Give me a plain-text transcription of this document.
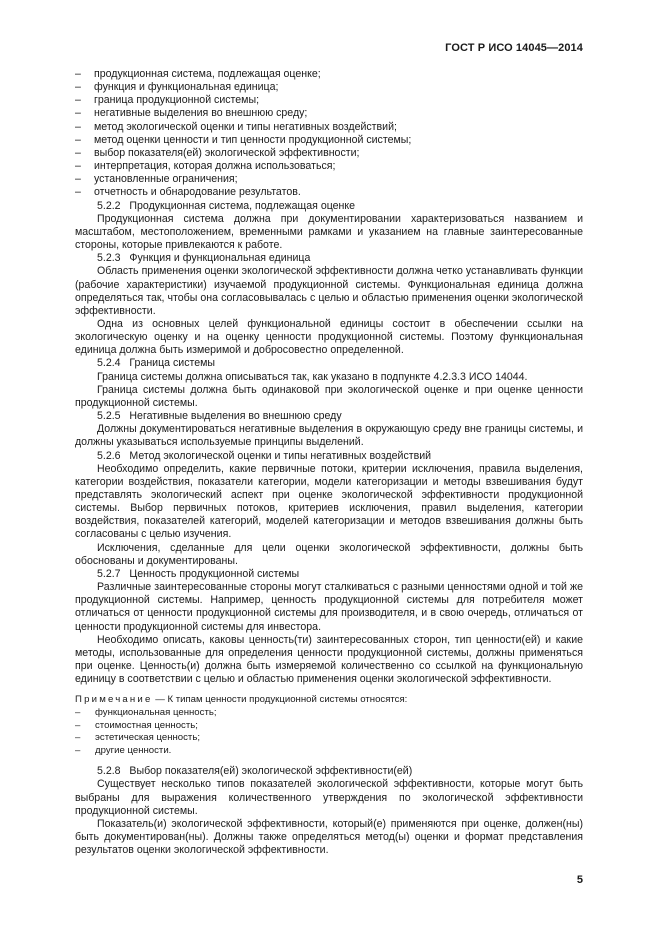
ГОСТ Р ИСО 14045—2014
– продукционная система, подлежащая оценке;
– функция и функциональная единица;
– граница продукционной системы;
– негативные выделения во внешнюю среду;
– метод экологической оценки и типы негативных воздействий;
– метод оценки ценности и тип ценности продукционной системы;
– выбор показателя(ей) экологической эффективности;
– интерпретация, которая должна использоваться;
– установленные ограничения;
– отчетность и обнародование результатов.
5.2.2 Продукционная система, подлежащая оценке

Продукционная система должна при документировании характеризоваться названием и масштабом, местоположением, временными рамками и указанием на главные заинтересованные стороны, которые привлекаются к работе.

5.2.3 Функция и функциональная единица

Область применения оценки экологической эффективности должна четко устанавливать функции (рабочие характеристики) изучаемой продукционной системы. Функциональная единица должна определяться так, чтобы она согласовывалась с целью и областью применения оценки экологической эффективности.

Одна из основных целей функциональной единицы состоит в обеспечении ссылки на экологическую оценку и на оценку ценности продукционной системы. Поэтому функциональная единица должна быть измеримой и добросовестно определенной.

5.2.4 Граница системы

Граница системы должна описываться так, как указано в подпункте 4.2.3.3 ИСО 14044.

Граница системы должна быть одинаковой при экологической оценке и при оценке ценности продукционной системы.

5.2.5 Негативные выделения во внешнюю среду

Должны документироваться негативные выделения в окружающую среду вне границы системы, и должны указываться используемые принципы выделений.

5.2.6 Метод экологической оценки и типы негативных воздействий

Необходимо определить, какие первичные потоки, критерии исключения, правила выделения, категории воздействия, показатели категории, модели категоризации и методы взвешивания будут представлять экологический аспект при оценке экологической эффективности продукционной системы. Выбор первичных потоков, критериев исключения, правил выделения, категории воздействия, показателей категорий, моделей категоризации и методов взвешивания должны быть согласованы с целью изучения.

Исключения, сделанные для цели оценки экологической эффективности, должны быть обоснованы и документированы.

5.2.7 Ценность продукционной системы

Различные заинтересованные стороны могут сталкиваться с разными ценностями одной и той же продукционной системы. Например, ценность продукционной системы для потребителя может отличаться от ценности продукционной системы для производителя, и в свою очередь, отличаться от ценности продукционной системы для инвестора.

Необходимо описать, каковы ценность(ти) заинтересованных сторон, тип ценности(ей) и какие методы, использованные для определения ценности продукционной системы, должны применяться при оценке. Ценность(и) должна быть измеряемой количественно со ссылкой на функциональную единицу в соответствии с целью и областью применения оценки экологической эффективности.

Примечание — К типам ценности продукционной системы относятся:
– функциональная ценность;
– стоимостная ценность;
– эстетическая ценность;
– другие ценности.
5.2.8 Выбор показателя(ей) экологической эффективности(ей)

Существует несколько типов показателей экологической эффективности, которые могут быть выбраны для выражения количественного утверждения по экологической эффективности продукционной системы.

Показатель(и) экологической эффективности, который(е) применяются при оценке, должен(ны) быть документирован(ны). Должны также определяться метод(ы) оценки и формат представления результатов оценки экологической эффективности.

5
